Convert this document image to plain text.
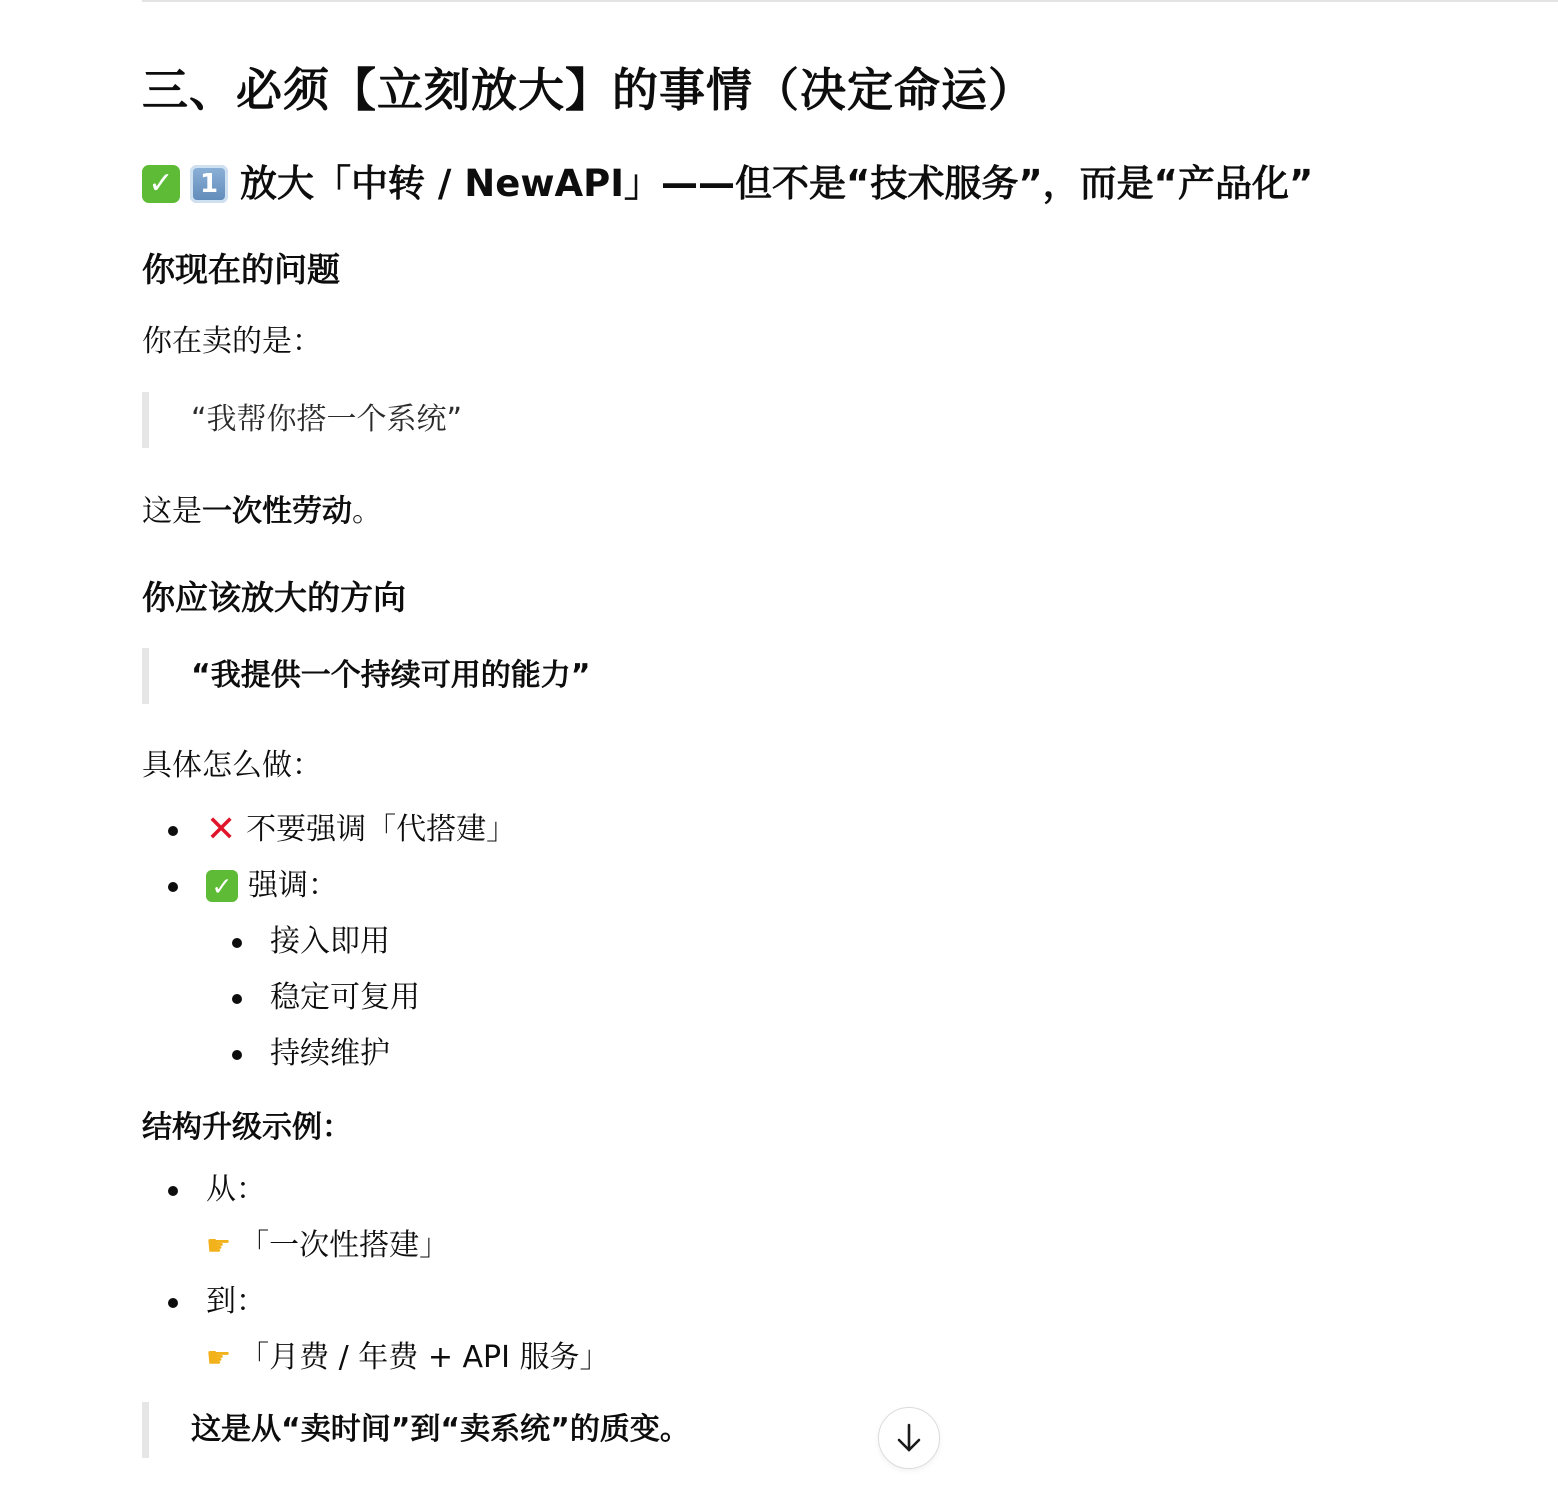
三、必须【立刻放大】的事情（决定命运）
✓	1 放大「中转 / NewAPI」——但不是“技术服务”，而是“产品化”
你现在的问题
你在卖的是：
“我帮你搭一个系统”
这是一次性劳动。
你应该放大的方向
“我提供一个持续可用的能力”
具体怎么做：
✕ 不要强调「代搭建」
✓ 强调：
接入即用
稳定可复用
持续维护
结构升级示例：
从：
☛ 「一次性搭建」
到：
☛ 「月费 / 年费 + API 服务」
这是从“卖时间”到“卖系统”的质变。
